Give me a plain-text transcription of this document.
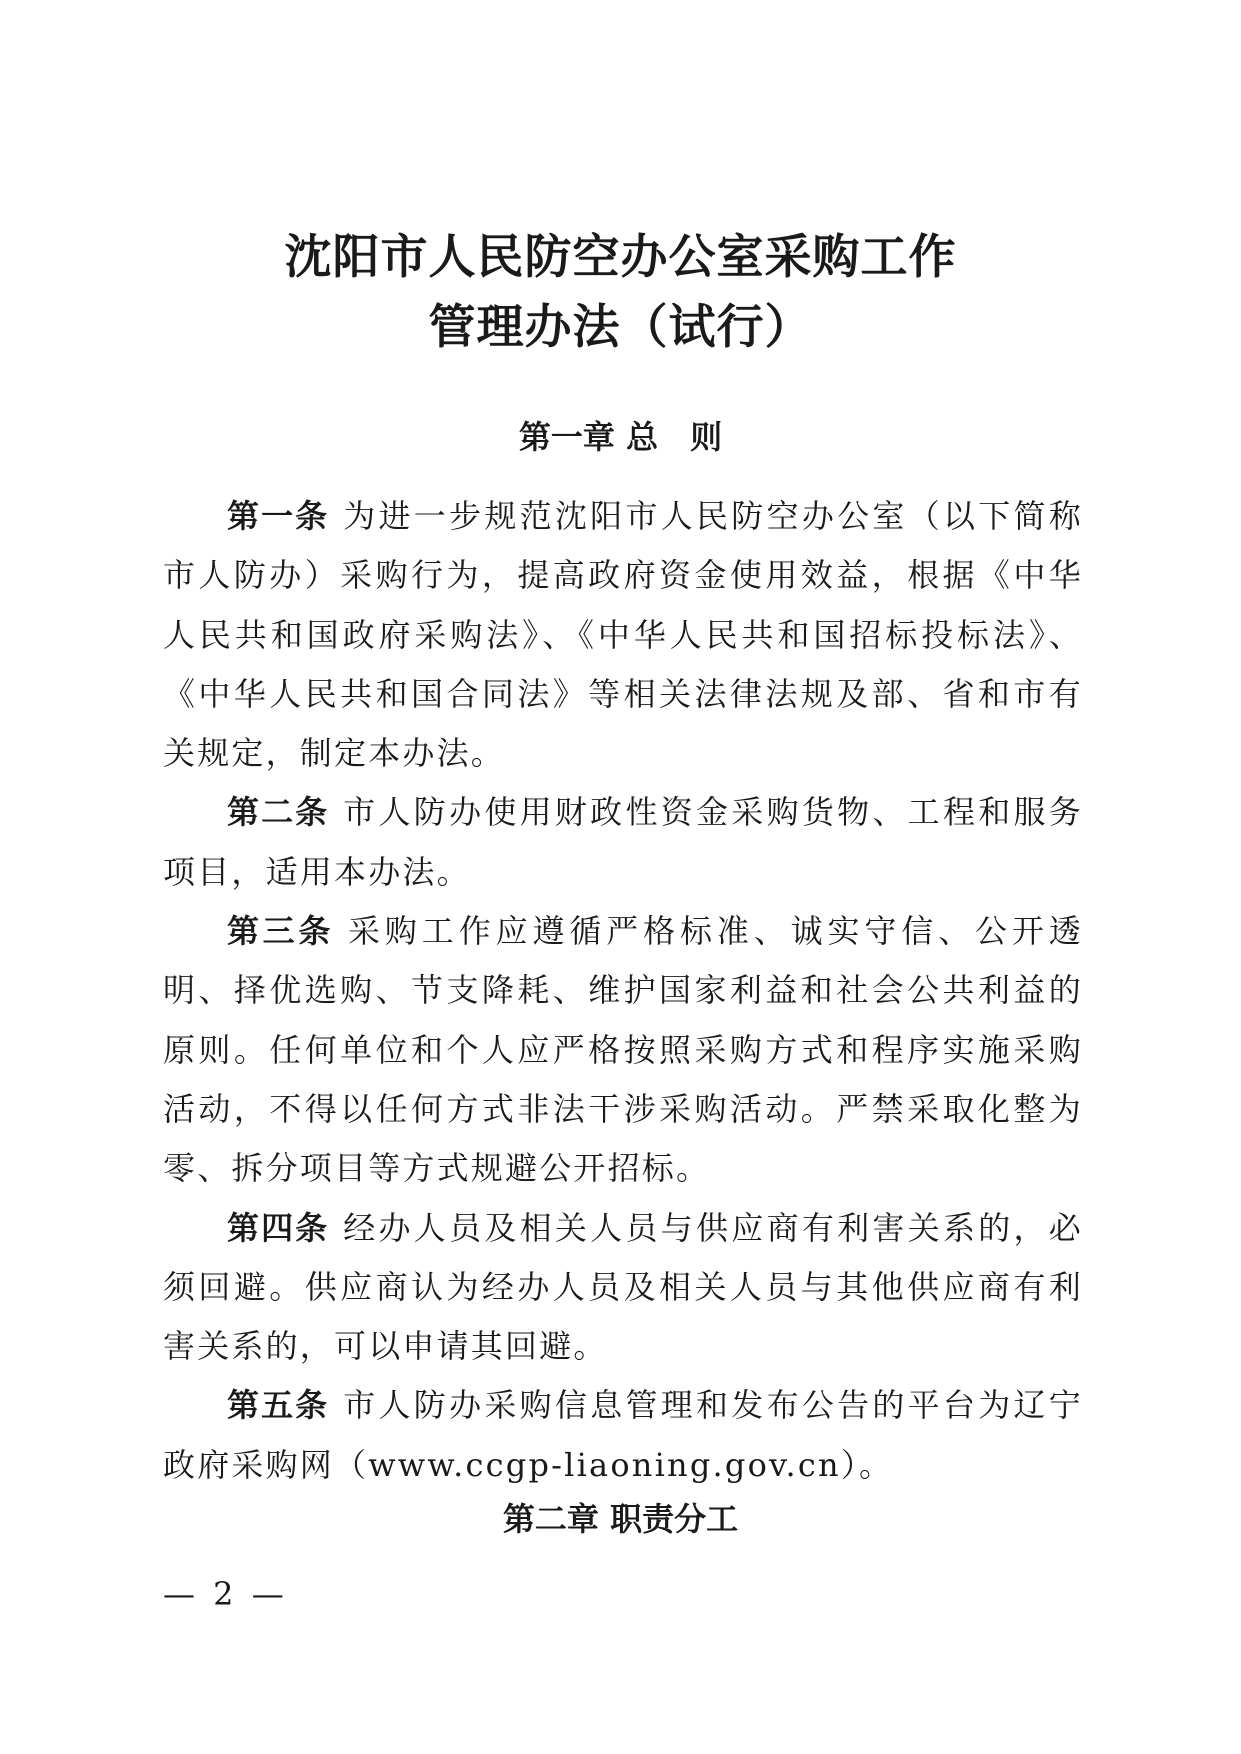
沈阳市人民防空办公室采购工作
管理办法（试行）
第一章 总　则

第一条 为进一步规范沈阳市人民防空办公室（以下简称市人防办）采购行为，提高政府资金使用效益，根据《中华人民共和国政府采购法》、《中华人民共和国招标投标法》、《中华人民共和国合同法》等相关法律法规及部、省和市有关规定，制定本办法。

第二条 市人防办使用财政性资金采购货物、工程和服务项目，适用本办法。

第三条 采购工作应遵循严格标准、诚实守信、公开透明、择优选购、节支降耗、维护国家利益和社会公共利益的原则。任何单位和个人应严格按照采购方式和程序实施采购活动，不得以任何方式非法干涉采购活动。严禁采取化整为零、拆分项目等方式规避公开招标。

第四条 经办人员及相关人员与供应商有利害关系的，必须回避。供应商认为经办人员及相关人员与其他供应商有利害关系的，可以申请其回避。

第五条 市人防办采购信息管理和发布公告的平台为辽宁政府采购网（www.ccgp-liaoning.gov.cn）。

第二章 职责分工
— 2 —
